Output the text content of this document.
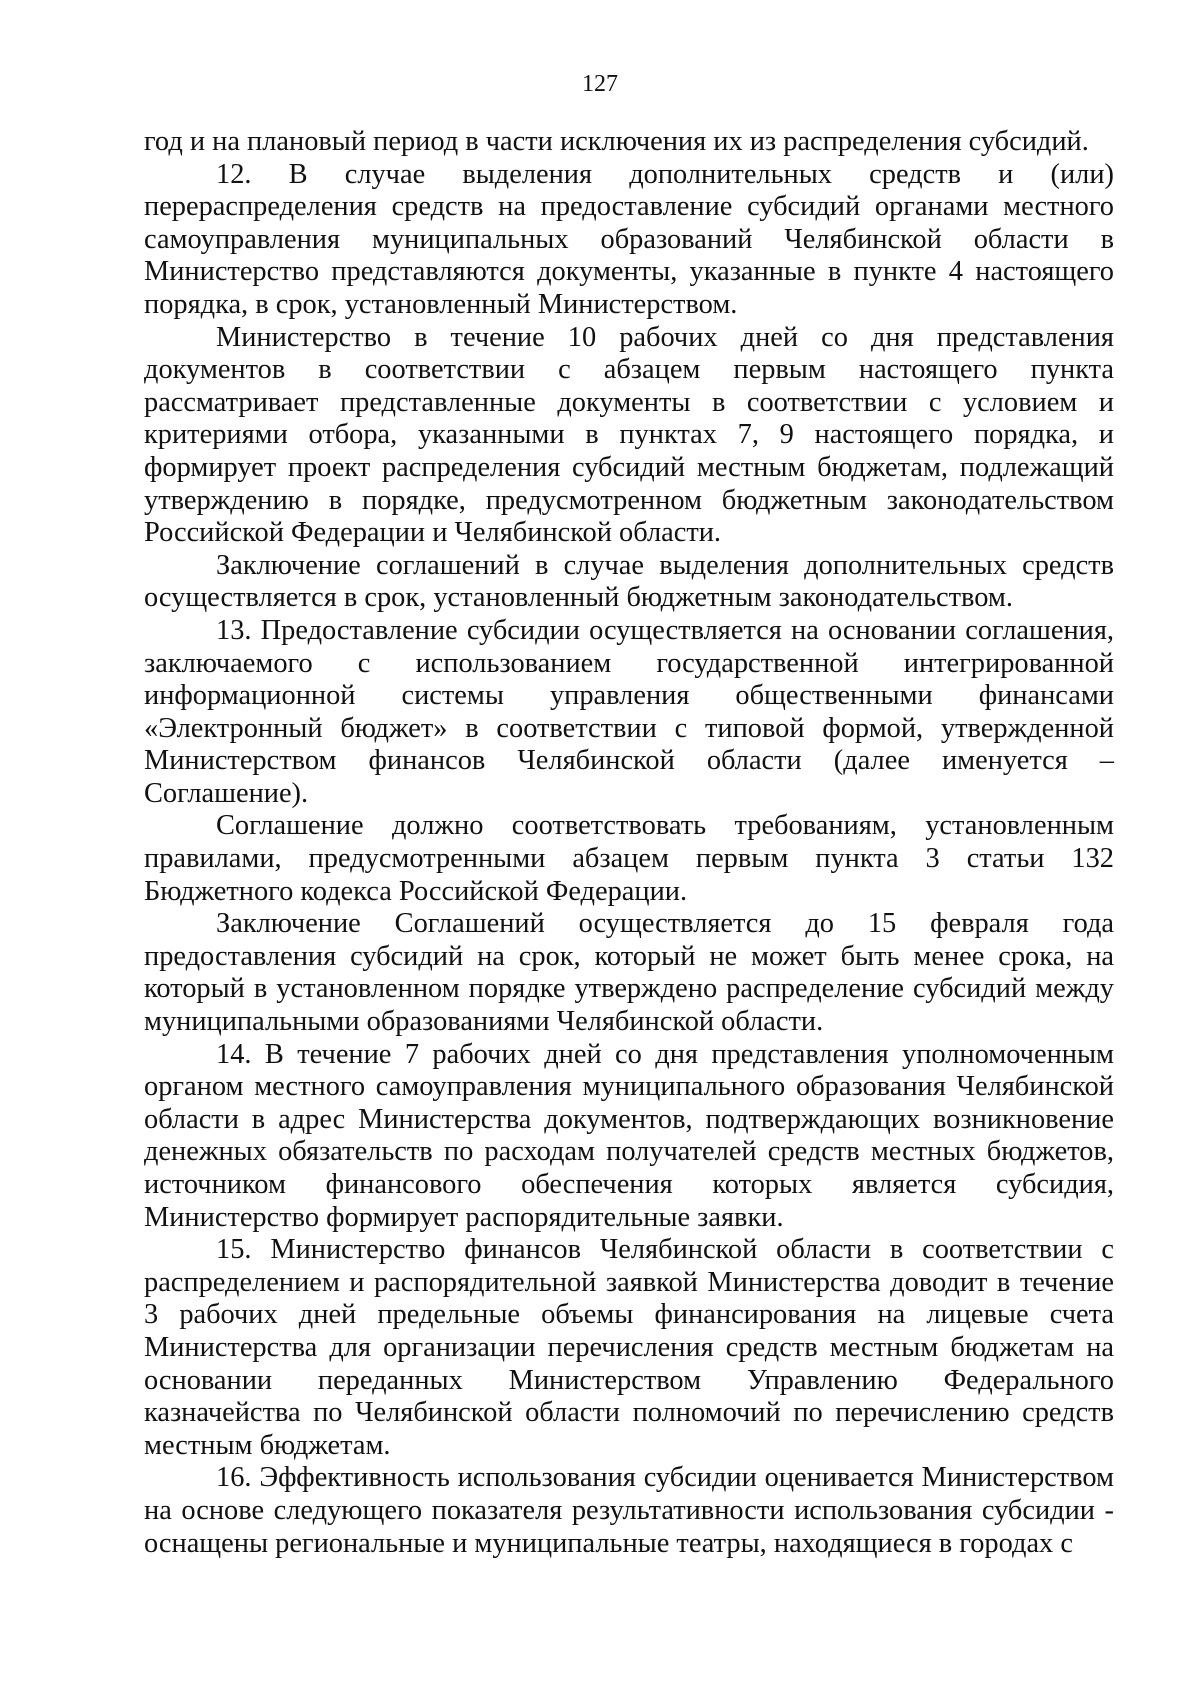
127

год и на плановый период в части исключения их из распределения субсидий.

12. В случае выделения дополнительных средств и (или) перераспределения средств на предоставление субсидий органами местного самоуправления муниципальных образований Челябинской области в Министерство представляются документы, указанные в пункте 4 настоящего порядка, в срок, установленный Министерством.

Министерство в течение 10 рабочих дней со дня представления документов в соответствии с абзацем первым настоящего пункта рассматривает представленные документы в соответствии с условием и критериями отбора, указанными в пунктах 7, 9 настоящего порядка, и формирует проект распределения субсидий местным бюджетам, подлежащий утверждению в порядке, предусмотренном бюджетным законодательством Российской Федерации и Челябинской области.

Заключение соглашений в случае выделения дополнительных средств осуществляется в срок, установленный бюджетным законодательством.

13. Предоставление субсидии осуществляется на основании соглашения, заключаемого с использованием государственной интегрированной информационной системы управления общественными финансами «Электронный бюджет» в соответствии с типовой формой, утвержденной Министерством финансов Челябинской области (далее именуется – Соглашение).

Соглашение должно соответствовать требованиям, установленным правилами, предусмотренными абзацем первым пункта 3 статьи 132 Бюджетного кодекса Российской Федерации.

Заключение Соглашений осуществляется до 15 февраля года предоставления субсидий на срок, который не может быть менее срока, на который в установленном порядке утверждено распределение субсидий между муниципальными образованиями Челябинской области.

14. В течение 7 рабочих дней со дня представления уполномоченным органом местного самоуправления муниципального образования Челябинской области в адрес Министерства документов, подтверждающих возникновение денежных обязательств по расходам получателей средств местных бюджетов, источником финансового обеспечения которых является субсидия, Министерство формирует распорядительные заявки.

15. Министерство финансов Челябинской области в соответствии с распределением и распорядительной заявкой Министерства доводит в течение 3 рабочих дней предельные объемы финансирования на лицевые счета Министерства для организации перечисления средств местным бюджетам на основании переданных Министерством Управлению Федерального казначейства по Челябинской области полномочий по перечислению средств местным бюджетам.

16. Эффективность использования субсидии оценивается Министерством на основе следующего показателя результативности использования субсидии - оснащены региональные и муниципальные театры, находящиеся в городах с
